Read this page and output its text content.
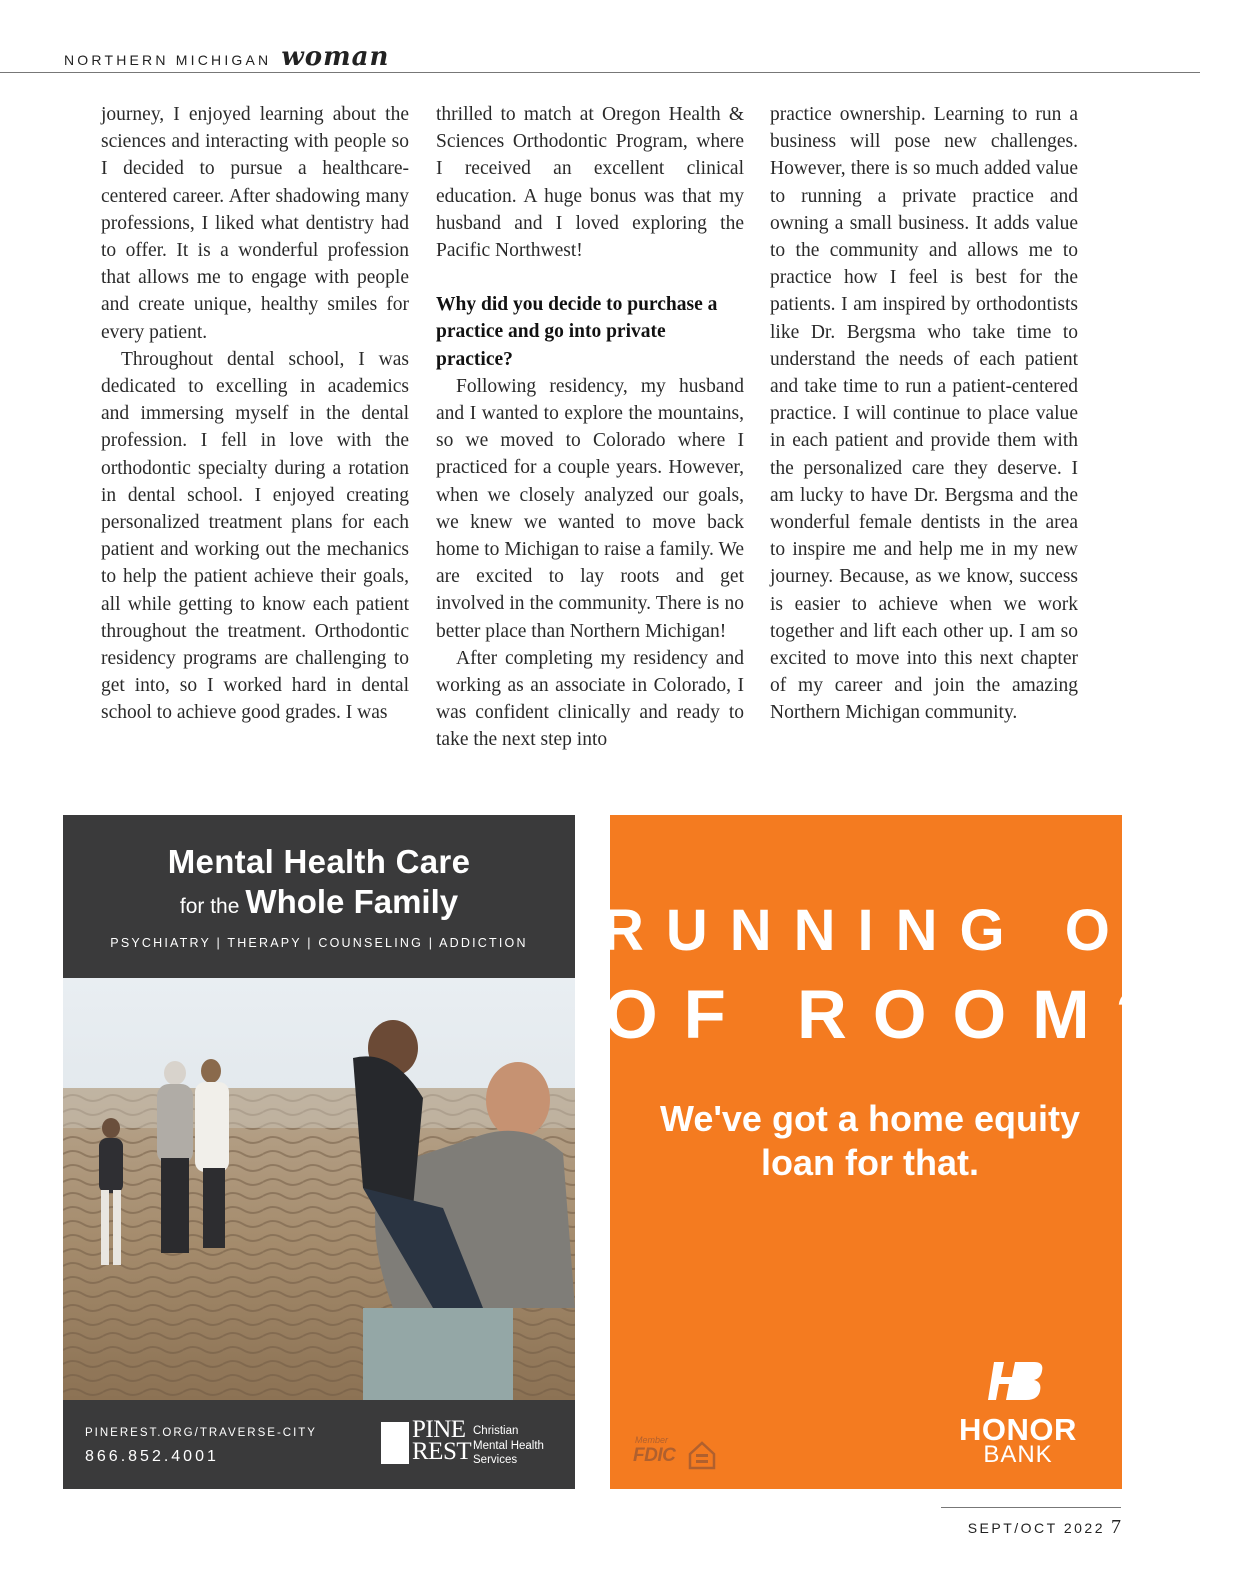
NORTHERN MICHIGAN woman

journey, I enjoyed learning about the sciences and interacting with people so I decided to pursue a healthcare-centered career. After shadowing many professions, I liked what dentistry had to offer. It is a wonderful profession that allows me to engage with people and create unique, healthy smiles for every patient.

Throughout dental school, I was dedicated to excelling in academics and immersing myself in the dental profession. I fell in love with the orthodontic specialty during a rotation in dental school. I enjoyed creating personalized treatment plans for each patient and working out the mechanics to help the patient achieve their goals, all while getting to know each patient throughout the treatment. Orthodontic residency programs are challenging to get into, so I worked hard in dental school to achieve good grades. I was

thrilled to match at Oregon Health & Sciences Orthodontic Program, where I received an excellent clinical education. A huge bonus was that my husband and I loved exploring the Pacific Northwest!

Why did you decide to purchase a practice and go into private practice?

Following residency, my husband and I wanted to explore the mountains, so we moved to Colorado where I practiced for a couple years. However, when we closely analyzed our goals, we knew we wanted to move back home to Michigan to raise a family. We are excited to lay roots and get involved in the community. There is no better place than Northern Michigan!

After completing my residency and working as an associate in Colorado, I was confident clinically and ready to take the next step into

practice ownership. Learning to run a business will pose new challenges. However, there is so much added value to running a private practice and owning a small business. It adds value to the community and allows me to practice how I feel is best for the patients. I am inspired by orthodontists like Dr. Bergsma who take time to understand the needs of each patient and take time to run a patient-centered practice. I will continue to place value in each patient and provide them with the personalized care they deserve. I am lucky to have Dr. Bergsma and the wonderful female dentists in the area to inspire me and help me in my new journey. Because, as we know, success is easier to achieve when we work together and lift each other up. I am so excited to move into this next chapter of my career and join the amazing Northern Michigan community.

Mental Health Care
for the Whole Family
PSYCHIATRY | THERAPY | COUNSELING | ADDICTION
PINEREST.ORG/TRAVERSE-CITY
866.852.4001
PINE
REST
Christian
Mental Health
Services
RUNNING OUT
OF ROOM?
We've got a home equity
loan for that.
Member
FDIC
HONOR
BANK
SEPT/OCT 2022 7
